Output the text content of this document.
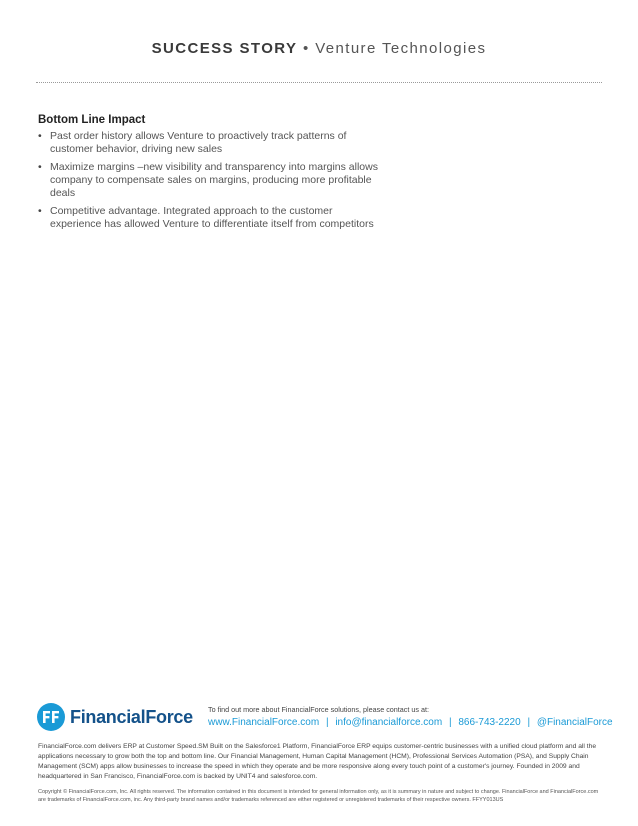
SUCCESS STORY • Venture Technologies
Bottom Line Impact
• Past order history allows Venture to proactively track patterns of customer behavior, driving new sales
• Maximize margins –new visibility and transparency into margins allows company to compensate sales on margins, producing more profitable deals
• Competitive advantage. Integrated approach to the customer experience has allowed Venture to differentiate itself from competitors
FinancialForce To find out more about FinancialForce solutions, please contact us at:
www.FinancialForce.com | info@financialforce.com | 866-743-2220 | @FinancialForce
FinancialForce.com delivers ERP at Customer Speed.SM Built on the Salesforce1 Platform, FinancialForce ERP equips customer-centric businesses with a unified cloud platform and all the applications necessary to grow both the top and bottom line. Our Financial Management, Human Capital Management (HCM), Professional Services Automation (PSA), and Supply Chain Management (SCM) apps allow businesses to increase the speed in which they operate and be more responsive along every touch point of a customer's journey. Founded in 2009 and headquartered in San Francisco, FinancialForce.com is backed by UNIT4 and salesforce.com.
Copyright © FinancialForce.com, Inc. All rights reserved. The information contained in this document is intended for general information only, as it is summary in nature and subject to change. FinancialForce and FinancialForce.com are trademarks of FinancialForce.com, inc. Any third-party brand names and/or trademarks referenced are either registered or unregistered trademarks of their respective owners. FFYY013US
